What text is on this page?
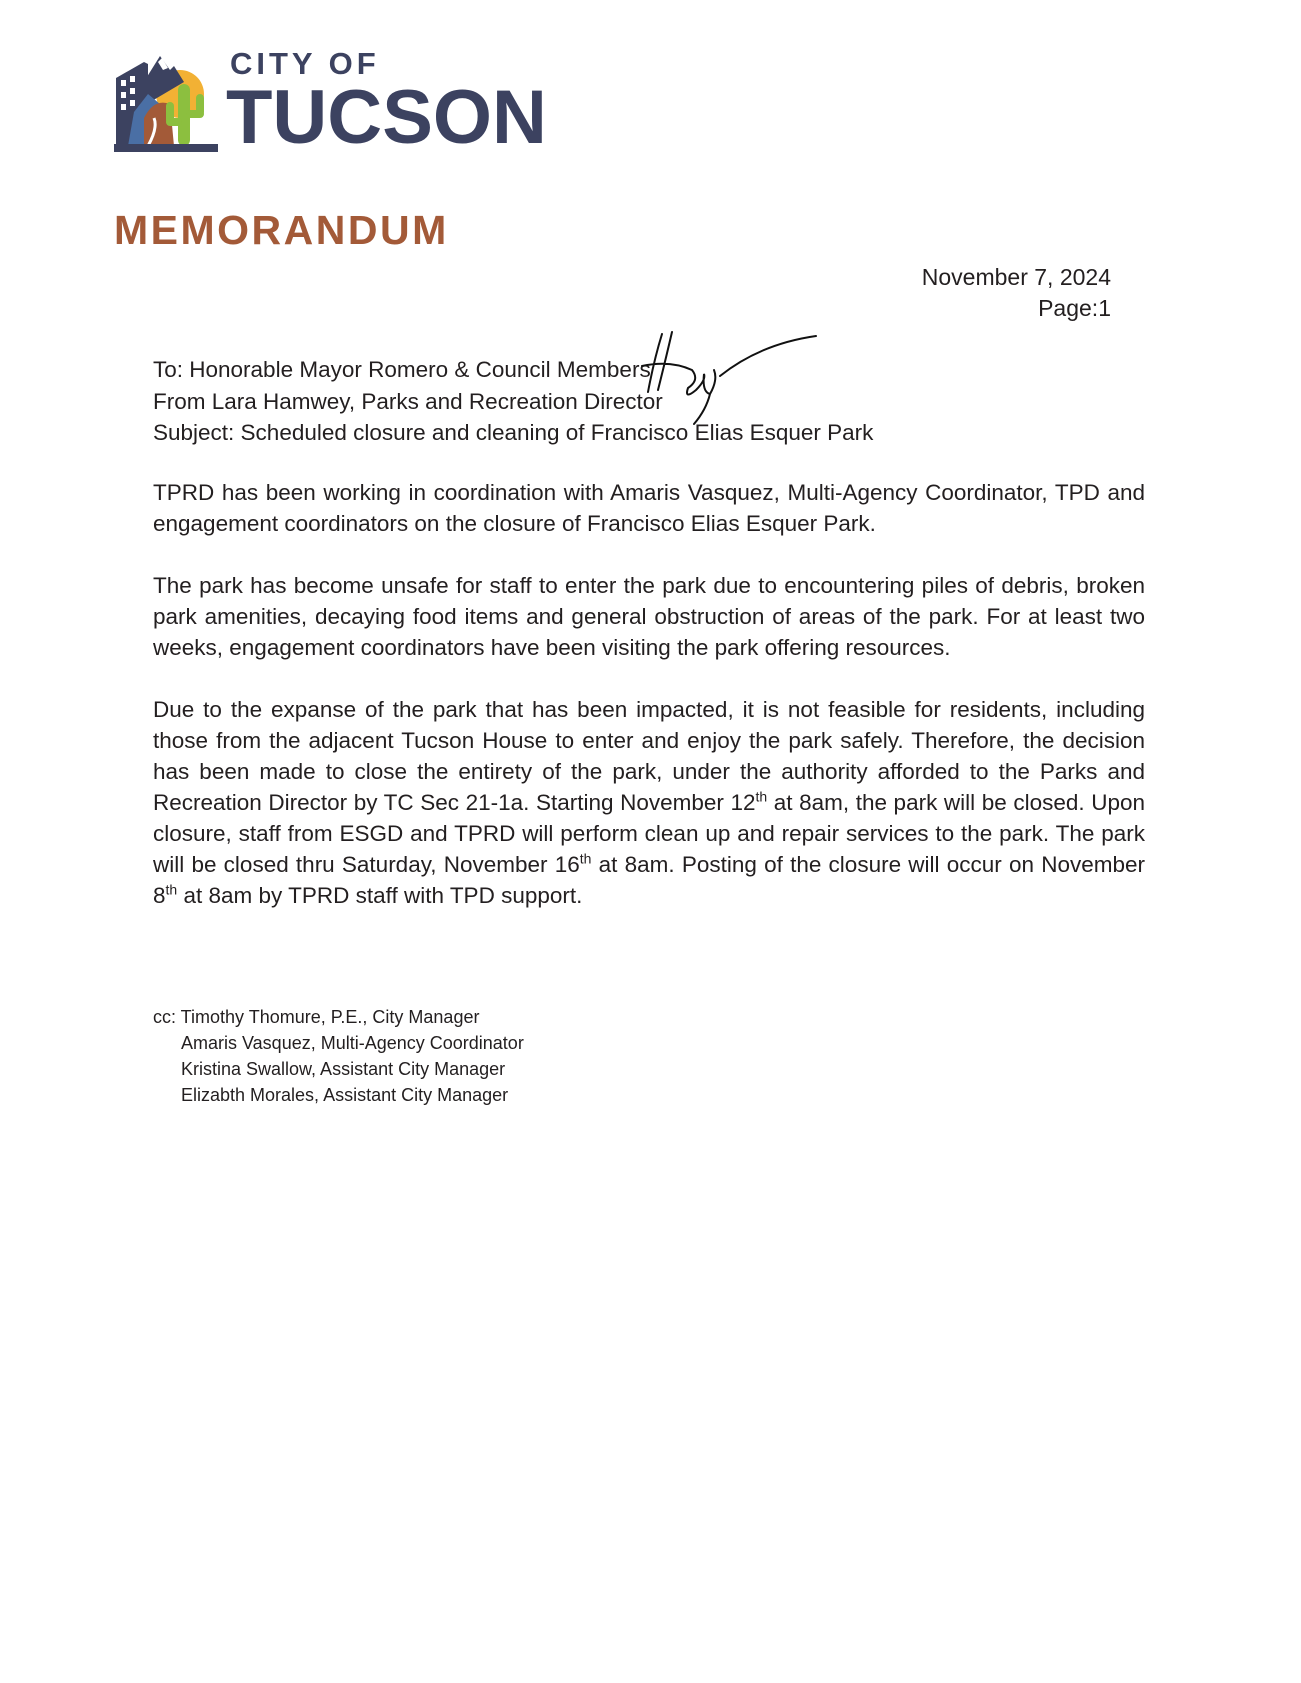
CITY OF
TUCSON
MEMORANDUM
November 7, 2024
Page:1
To: Honorable Mayor Romero & Council Members
From Lara Hamwey, Parks and Recreation Director
Subject: Scheduled closure and cleaning of Francisco Elias Esquer Park
TPRD has been working in coordination with Amaris Vasquez, Multi-Agency Coordinator, TPD and engagement coordinators on the closure of Francisco Elias Esquer Park.
The park has become unsafe for staff to enter the park due to encountering piles of debris, broken park amenities, decaying food items and general obstruction of areas of the park. For at least two weeks, engagement coordinators have been visiting the park offering resources.
Due to the expanse of the park that has been impacted, it is not feasible for residents, including those from the adjacent Tucson House to enter and enjoy the park safely. Therefore, the decision has been made to close the entirety of the park, under the authority afforded to the Parks and Recreation Director by TC Sec 21-1a. Starting November 12th at 8am, the park will be closed. Upon closure, staff from ESGD and TPRD will perform clean up and repair services to the park. The park will be closed thru Saturday, November 16th at 8am. Posting of the closure will occur on November 8th at 8am by TPRD staff with TPD support.
cc: Timothy Thomure, P.E., City Manager
Amaris Vasquez, Multi-Agency Coordinator
Kristina Swallow, Assistant City Manager
Elizabth Morales, Assistant City Manager
